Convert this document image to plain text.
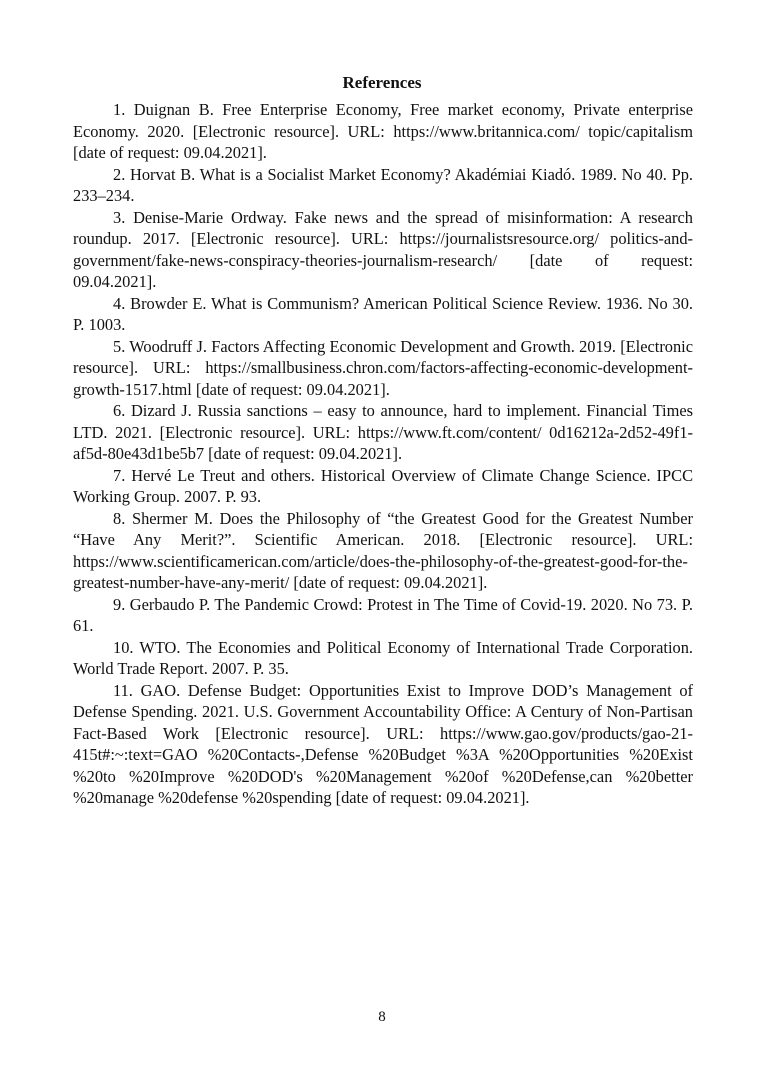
References
1. Duignan B. Free Enterprise Economy, Free market economy, Private enterprise Economy. 2020. [Electronic resource]. URL: https://www.britannica.com/ topic/capitalism [date of request: 09.04.2021].
2. Horvat B. What is a Socialist Market Economy? Akadémiai Kiadó. 1989. No 40. Pp. 233–234.
3. Denise-Marie Ordway. Fake news and the spread of misinformation: A research roundup. 2017. [Electronic resource]. URL: https://journalistsresource.org/ politics-and-government/fake-news-conspiracy-theories-journalism-research/ [date of request: 09.04.2021].
4. Browder E. What is Communism? American Political Science Review. 1936. No 30. P. 1003.
5. Woodruff J. Factors Affecting Economic Development and Growth. 2019. [Electronic resource]. URL: https://smallbusiness.chron.com/factors-affecting-economic-development-growth-1517.html [date of request: 09.04.2021].
6. Dizard J. Russia sanctions – easy to announce, hard to implement. Financial Times LTD. 2021. [Electronic resource]. URL: https://www.ft.com/content/ 0d16212a-2d52-49f1-af5d-80e43d1be5b7 [date of request: 09.04.2021].
7. Hervé Le Treut and others. Historical Overview of Climate Change Science. IPCC Working Group. 2007. P. 93.
8. Shermer M. Does the Philosophy of “the Greatest Good for the Greatest Number “Have Any Merit?”. Scientific American. 2018. [Electronic resource]. URL: https://www.scientificamerican.com/article/does-the-philosophy-of-the-greatest-good-for-the-greatest-number-have-any-merit/ [date of request: 09.04.2021].
9. Gerbaudo P. The Pandemic Crowd: Protest in The Time of Covid-19. 2020. No 73. P. 61.
10. WTO. The Economies and Political Economy of International Trade Corporation. World Trade Report. 2007. P. 35.
11. GAO. Defense Budget: Opportunities Exist to Improve DOD’s Management of Defense Spending. 2021. U.S. Government Accountability Office: A Century of Non-Partisan Fact-Based Work [Electronic resource]. URL: https://www.gao.gov/products/gao-21-415t#:~:text=GAO %20Contacts-,Defense %20Budget %3A %20Opportunities %20Exist %20to %20Improve %20DOD's %20Management %20of %20Defense,can %20better %20manage %20defense %20spending [date of request: 09.04.2021].
8
